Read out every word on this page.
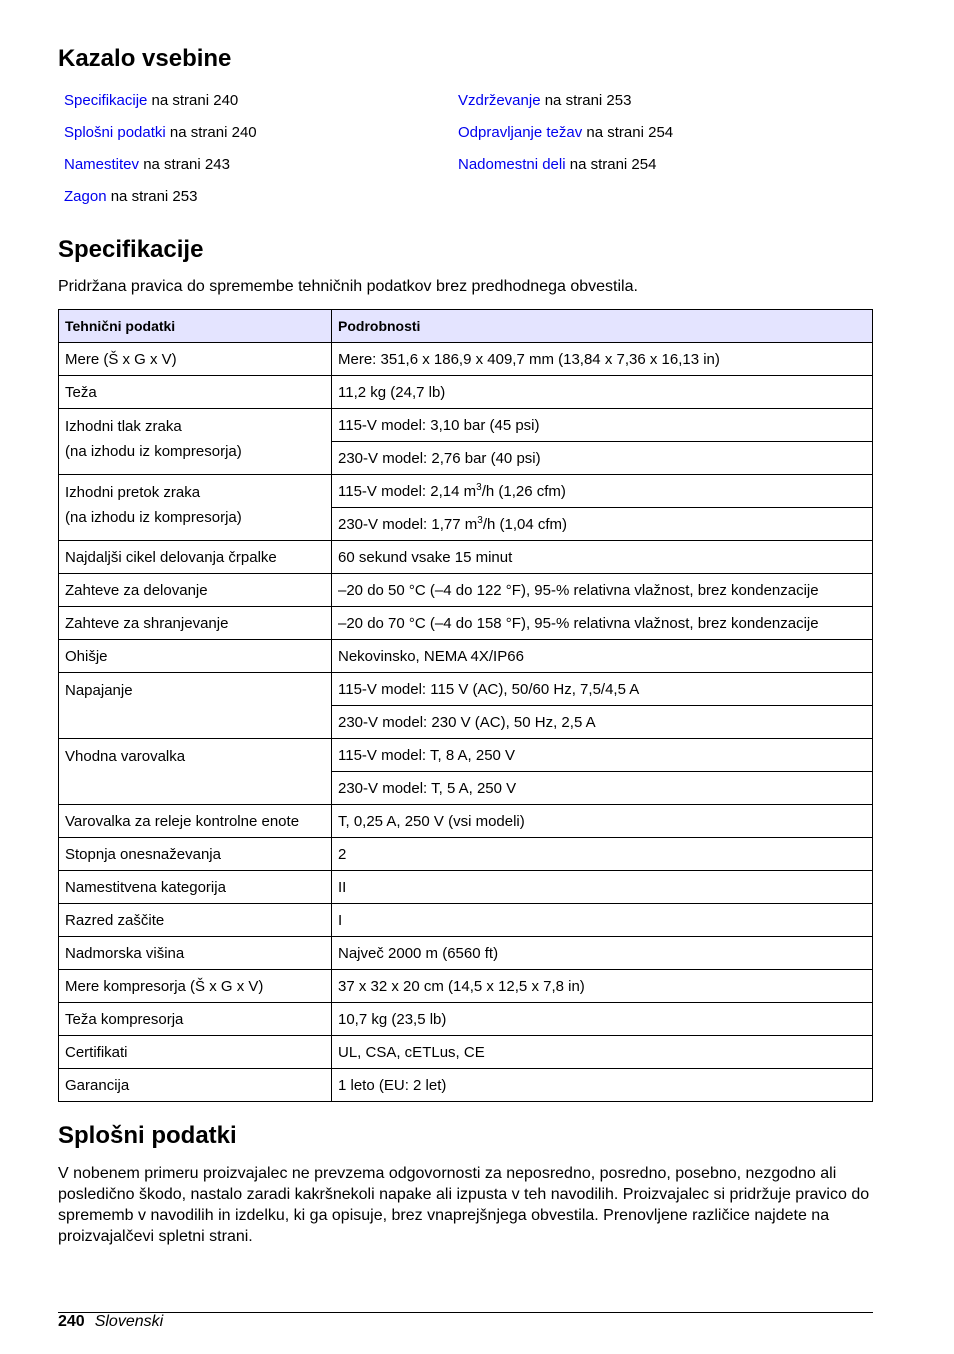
Kazalo vsebine
Specifikacije na strani 240
Splošni podatki na strani 240
Namestitev na strani 243
Zagon na strani 253
Vzdrževanje na strani 253
Odpravljanje težav na strani 254
Nadomestni deli na strani 254
Specifikacije

Pridržana pravica do spremembe tehničnih podatkov brez predhodnega obvestila.

Tehnični podatki	Podrobnosti
Mere (Š x G x V)	Mere: 351,6 x 186,9 x 409,7 mm (13,84 x 7,36 x 16,13 in)
Teža	11,2 kg (24,7 lb)

Izhodni tlak zraka
(na izhodu iz kompresorja)	115-V model: 3,10 bar (45 psi)
	230-V model: 2,76 bar (40 psi)

Izhodni pretok zraka
(na izhodu iz kompresorja)	115-V model: 2,14 $m^3/h$ (1,26 cfm)
	230-V model: 1,77 $m^3/h$ (1,04 cfm)
Najdaljši cikel delovanja črpalke	60 sekund vsake 15 minut
Zahteve za delovanje	–20 do 50 °C (–4 do 122 °F), 95-% relativna vlažnost, brez kondenzacije
Zahteve za shranjevanje	–20 do 70 °C (–4 do 158 °F), 95-% relativna vlažnost, brez kondenzacije
Ohišje	Nekovinsko, NEMA 4X/IP66
Napajanje	115-V model: 115 V (AC), 50/60 Hz, 7,5/4,5 A
	230-V model: 230 V (AC), 50 Hz, 2,5 A
Vhodna varovalka	115-V model: T, 8 A, 250 V
	230-V model: T, 5 A, 250 V
Varovalka za releje kontrolne enote	T, 0,25 A, 250 V (vsi modeli)
Stopnja onesnaževanja	2
Namestitvena kategorija	II
Razred zaščite	I
Nadmorska višina	Največ 2000 m (6560 ft)
Mere kompresorja (Š x G x V)	37 x 32 x 20 cm (14,5 x 12,5 x 7,8 in)
Teža kompresorja	10,7 kg (23,5 lb)
Certifikati	UL, CSA, cETLus, CE
Garancija	1 leto (EU: 2 let)
Splošni podatki

V nobenem primeru proizvajalec ne prevzema odgovornosti za neposredno, posredno, posebno, nezgodno ali posledično škodo, nastalo zaradi kakršnekoli napake ali izpusta v teh navodilih. Proizvajalec si pridržuje pravico do sprememb v navodilih in izdelku, ki ga opisuje, brez vnaprejšnjega obvestila. Prenovljene različice najdete na proizvajalčevi spletni strani.

240 Slovenski
